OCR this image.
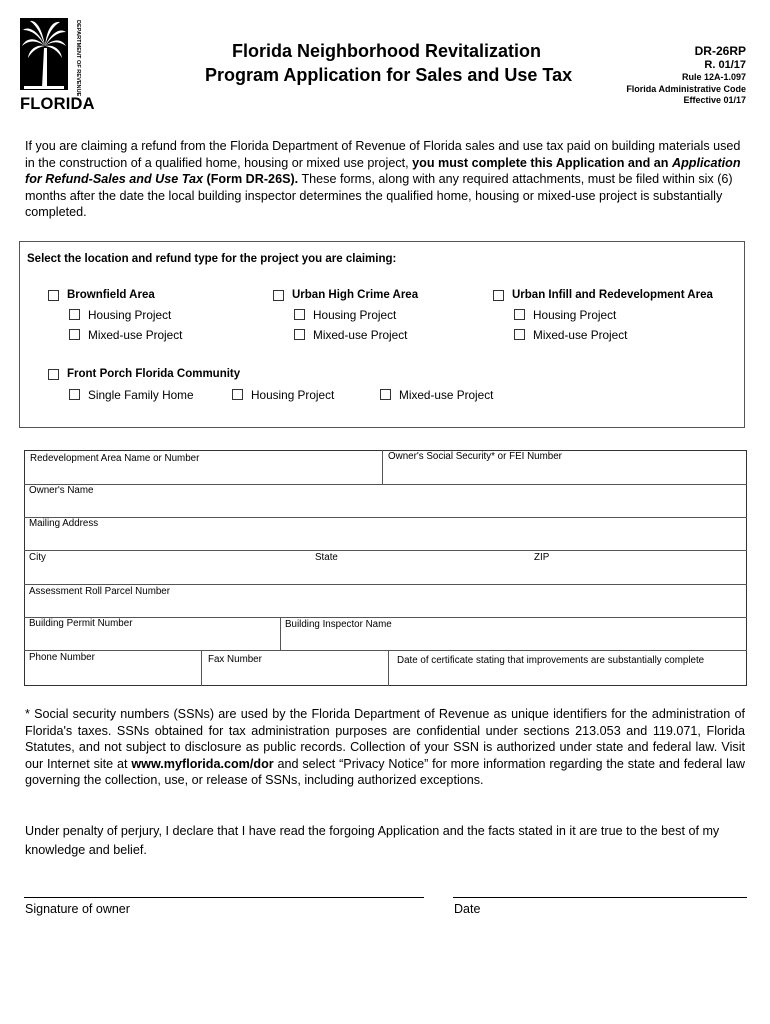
DEPARTMENT OF REVENUE
FLORIDA
Florida Neighborhood Revitalization
Program Application for Sales and Use Tax
DR-26RP
R. 01/17
Rule 12A-1.097
Florida Administrative Code
Effective 01/17
If you are claiming a refund from the Florida Department of Revenue of Florida sales and use tax paid on building materials used in the construction of a qualified home, housing or mixed use project, you must complete this Application and an Application for Refund-Sales and Use Tax (Form DR-26S). These forms, along with any required attachments, must be filed within six (6) months after the date the local building inspector determines the qualified home, housing or mixed-use project is substantially completed.
Select the location and refund type for the project you are claiming:
Brownfield Area
Housing Project
Mixed-use Project
Urban High Crime Area
Housing Project
Mixed-use Project
Urban Infill and Redevelopment Area
Housing Project
Mixed-use Project
Front Porch Florida Community
Single Family Home	Housing Project	Mixed-use Project
Redevelopment Area Name or Number	Owner's Social Security* or FEI Number
Owner's Name
Mailing Address
City	State	ZIP
Assessment Roll Parcel Number
Building Permit Number	Building Inspector Name
Phone Number	Fax Number	Date of certificate stating that improvements are substantially complete
* Social security numbers (SSNs) are used by the Florida Department of Revenue as unique identifiers for the administration of Florida's taxes. SSNs obtained for tax administration purposes are confidential under sections 213.053 and 119.071, Florida Statutes, and not subject to disclosure as public records. Collection of your SSN is authorized under state and federal law. Visit our Internet site at www.myflorida.com/dor and select “Privacy Notice” for more information regarding the state and federal law governing the collection, use, or release of SSNs, including authorized exceptions.
Under penalty of perjury, I declare that I have read the forgoing Application and the facts stated in it are true to the best of my knowledge and belief.
Signature of owner	Date
